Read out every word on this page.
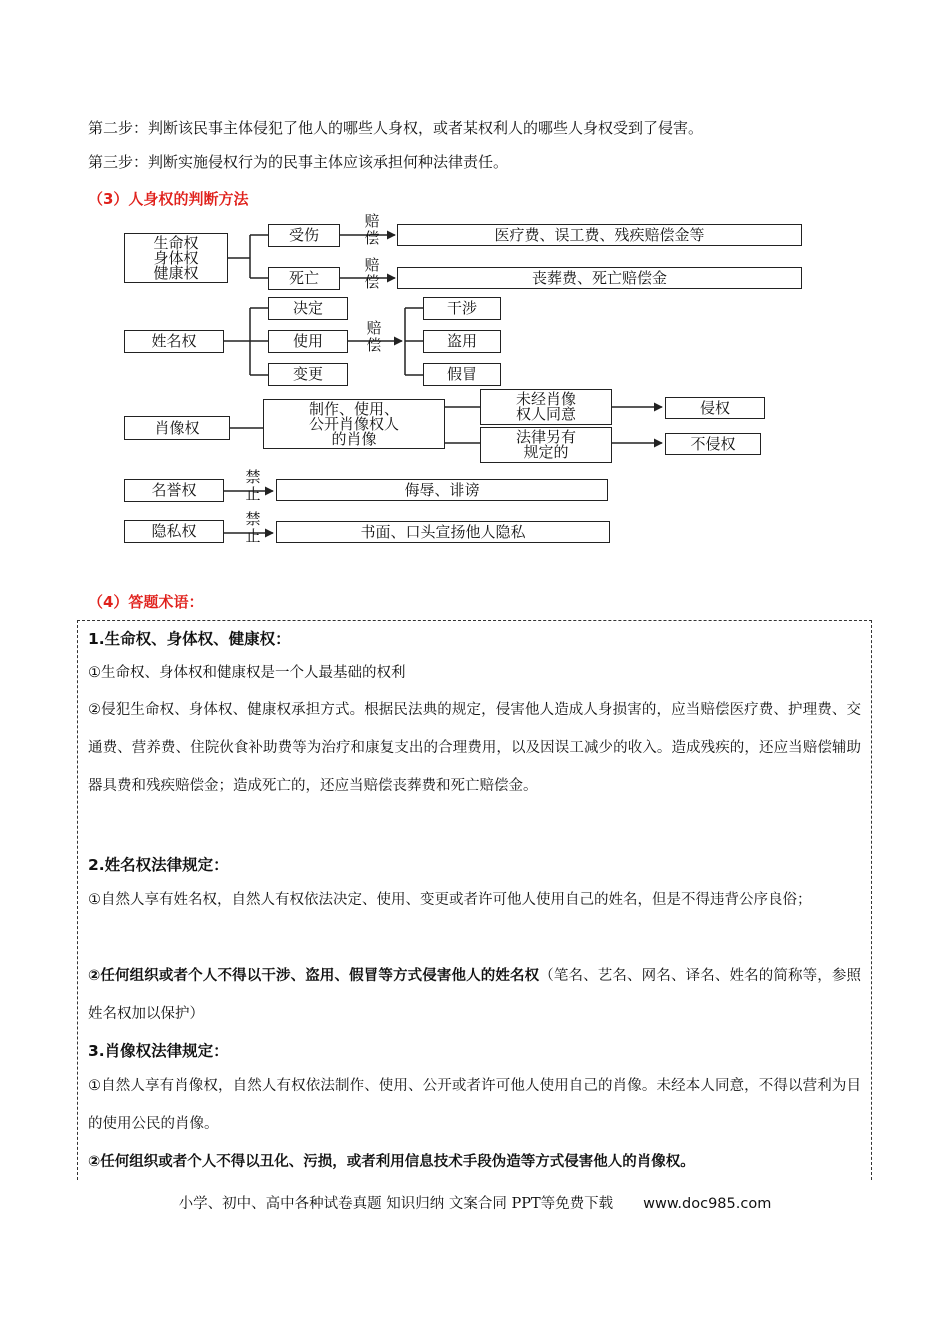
第二步：判断该民事主体侵犯了他人的哪些人身权，或者某权利人的哪些人身权受到了侵害。
第三步：判断实施侵权行为的民事主体应该承担何种法律责任。
（3）人身权的判断方法
生命权
身体权
健康权
受伤
死亡
赔
偿
赔
偿
医疗费、误工费、残疾赔偿金等
丧葬费、死亡赔偿金
姓名权
决定
使用
变更
赔
偿
干涉
盗用
假冒
肖像权
制作、使用、
公开肖像权人
的肖像
未经肖像
权人同意
法律另有
规定的
侵权
不侵权
名誉权
禁
止	侮辱、诽谤
隐私权
禁
止	书面、口头宣扬他人隐私
（4）答题术语：
1.生命权、身体权、健康权：
①生命权、身体权和健康权是一个人最基础的权利
②侵犯生命权、身体权、健康权承担方式。根据民法典的规定，侵害他人造成人身损害的，应当赔偿医疗费、护理费、交通费、营养费、住院伙食补助费等为治疗和康复支出的合理费用，以及因误工减少的收入。造成残疾的，还应当赔偿辅助器具费和残疾赔偿金；造成死亡的，还应当赔偿丧葬费和死亡赔偿金。
2.姓名权法律规定：
①自然人享有姓名权，自然人有权依法决定、使用、变更或者许可他人使用自己的姓名，但是不得违背公序良俗；
②任何组织或者个人不得以干涉、盗用、假冒等方式侵害他人的姓名权（笔名、艺名、网名、译名、姓名的简称等，参照姓名权加以保护）
3.肖像权法律规定：
①自然人享有肖像权，自然人有权依法制作、使用、公开或者许可他人使用自己的肖像。未经本人同意，不得以营利为目的使用公民的肖像。
②任何组织或者个人不得以丑化、污损，或者利用信息技术手段伪造等方式侵害他人的肖像权。
小学、初中、高中各种试卷真题 知识归纳 文案合同 PPT等免费下载 www.doc985.com
